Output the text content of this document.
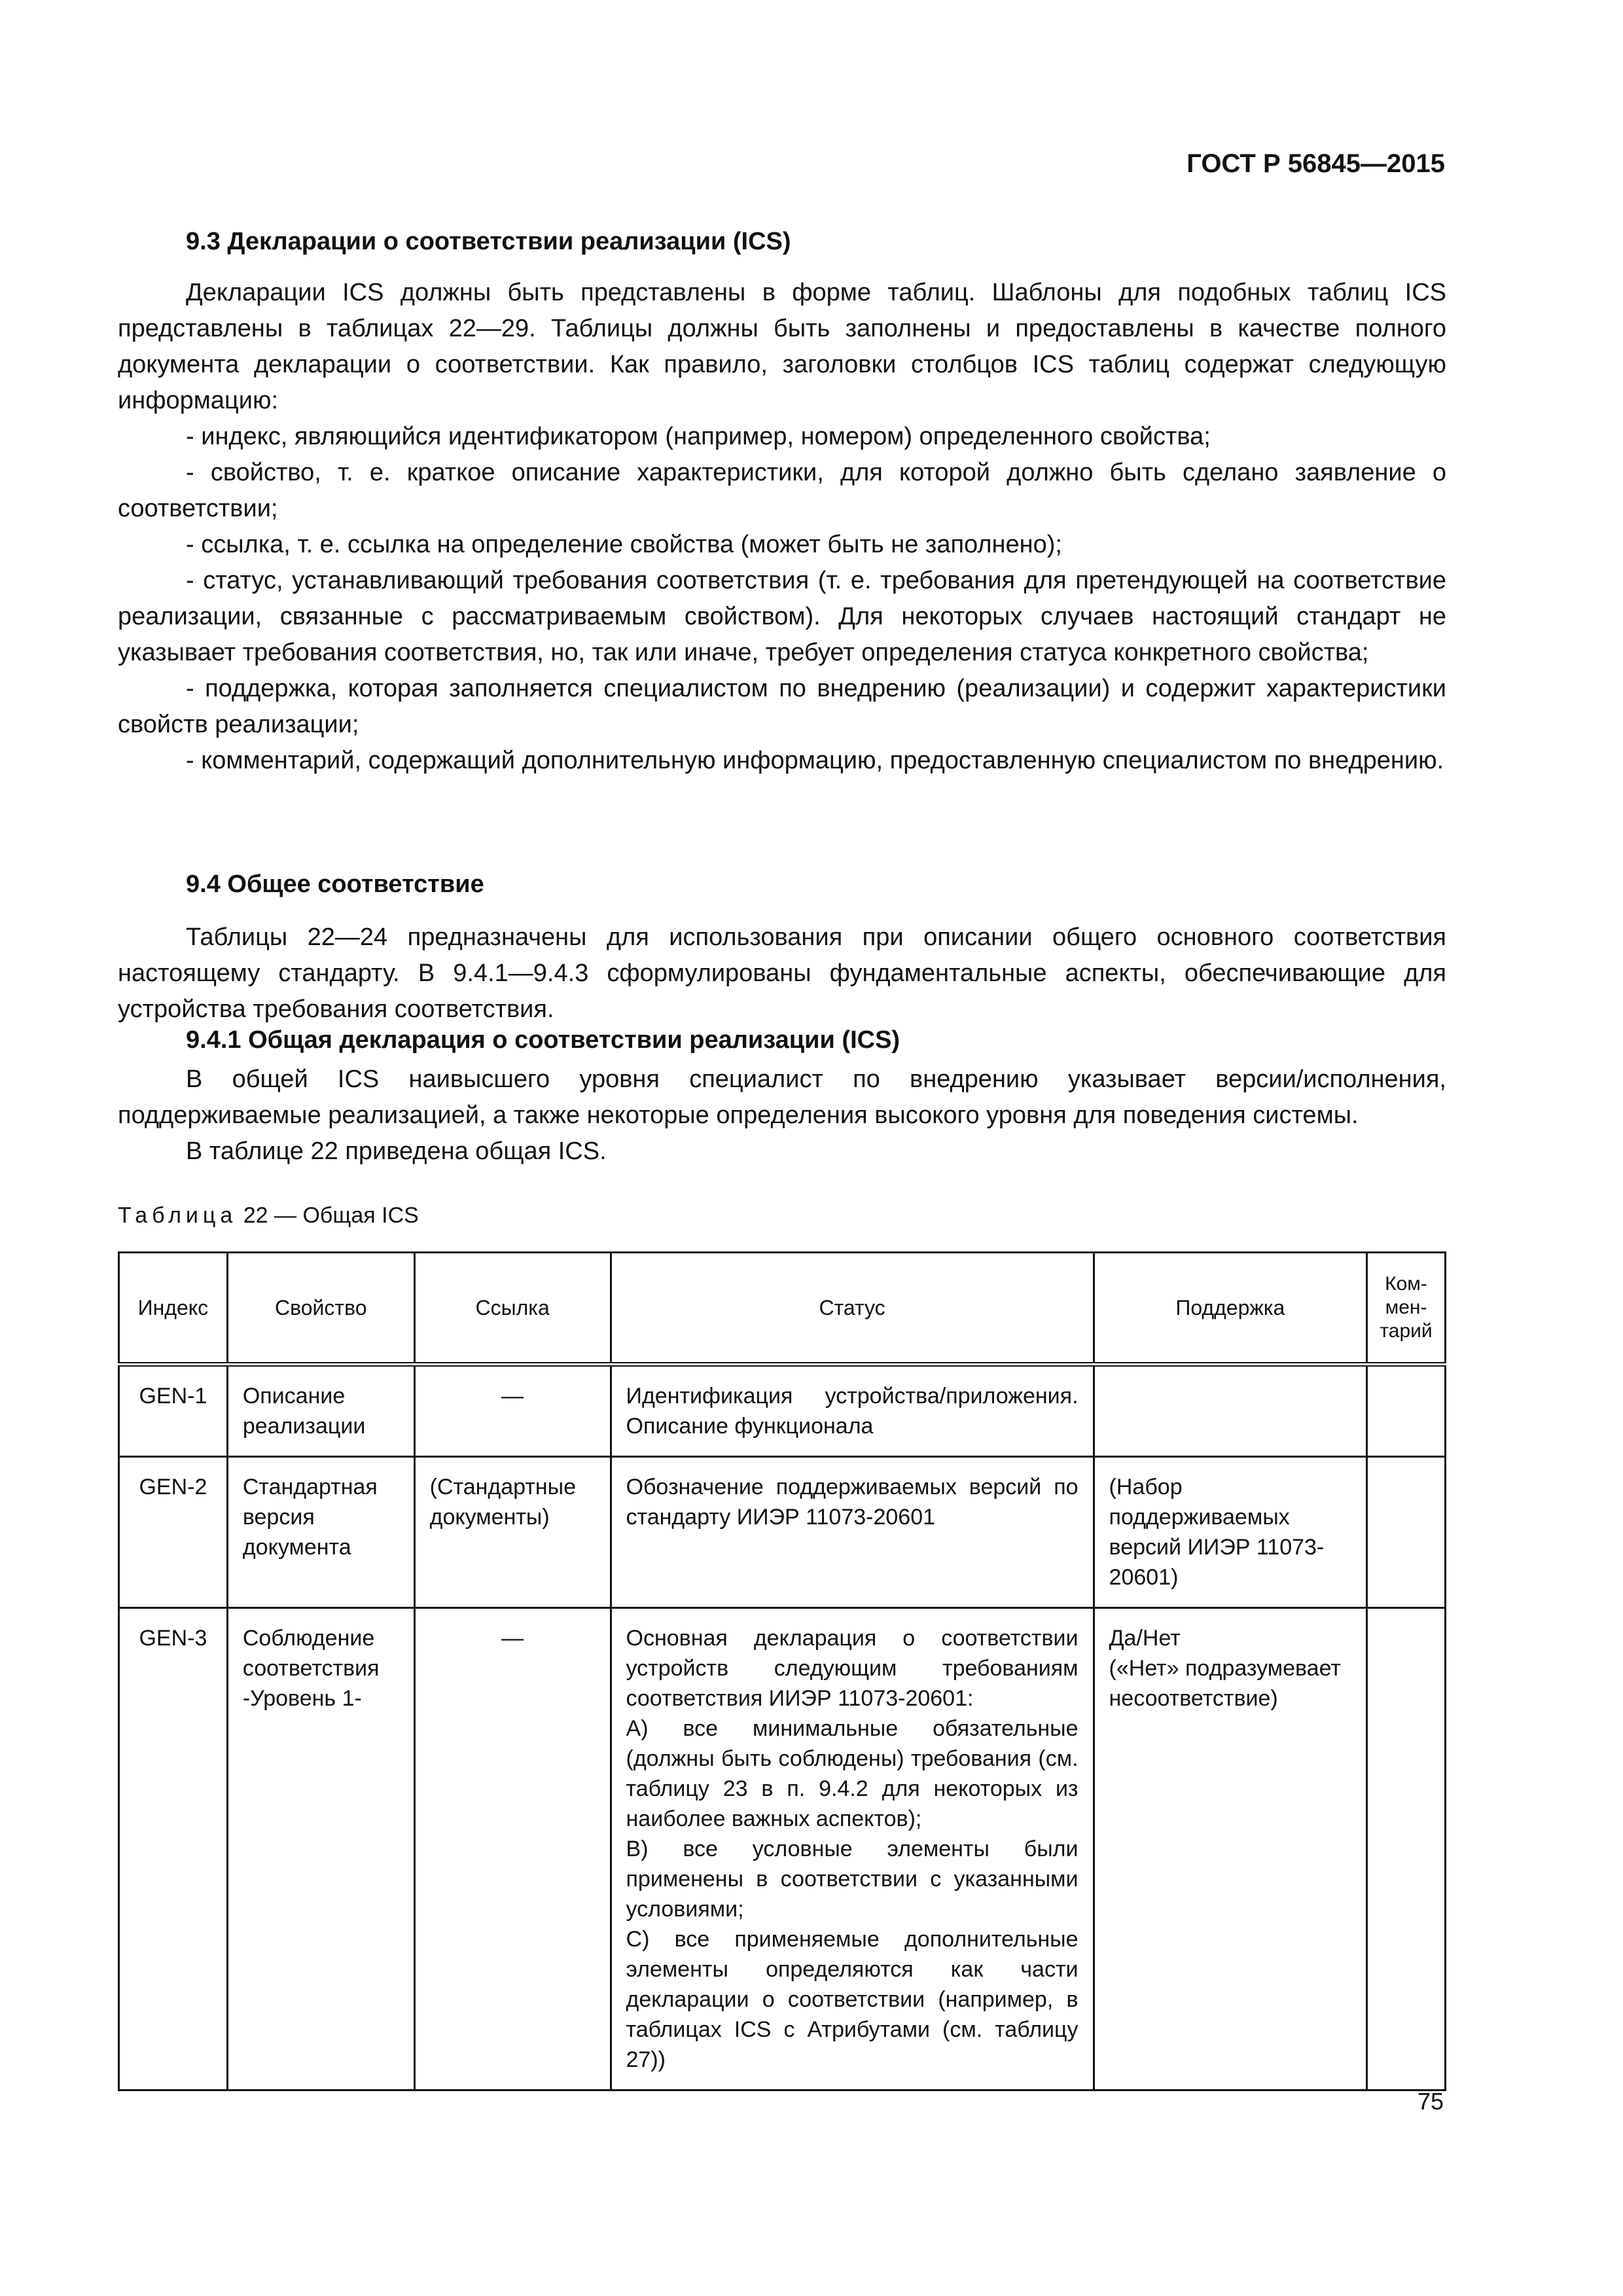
ГОСТ Р 56845—2015
9.3 Декларации о соответствии реализации (ICS)

Декларации ICS должны быть представлены в форме таблиц. Шаблоны для подобных таблиц ICS представлены в таблицах 22—29. Таблицы должны быть заполнены и предоставлены в качестве полного документа декларации о соответствии. Как правило, заголовки столбцов ICS таблиц содержат следующую информацию:

- индекс, являющийся идентификатором (например, номером) определенного свойства;

- свойство, т. е. краткое описание характеристики, для которой должно быть сделано заявление о соответствии;

- ссылка, т. е. ссылка на определение свойства (может быть не заполнено);

- статус, устанавливающий требования соответствия (т. е. требования для претендующей на соответствие реализации, связанные с рассматриваемым свойством). Для некоторых случаев настоящий стандарт не указывает требования соответствия, но, так или иначе, требует определения статуса конкретного свойства;

- поддержка, которая заполняется специалистом по внедрению (реализации) и содержит характеристики свойств реализации;

- комментарий, содержащий дополнительную информацию, предоставленную специалистом по внедрению.

9.4 Общее соответствие

Таблицы 22—24 предназначены для использования при описании общего основного соответствия настоящему стандарту. В 9.4.1—9.4.3 сформулированы фундаментальные аспекты, обеспечивающие для устройства требования соответствия.

9.4.1 Общая декларация о соответствии реализации (ICS)

В общей ICS наивысшего уровня специалист по внедрению указывает версии/исполнения, поддерживаемые реализацией, а также некоторые определения высокого уровня для поведения системы.

В таблице 22 приведена общая ICS.

Таблица 22 — Общая ICS
Индекс	Свойство	Ссылка	Статус	Поддержка	Ком-
мен-
тарий

GEN-1	Описание реализации	—	Идентификация устройства/приложения. Описание функционала		
GEN-2	Стандартная версия документа	(Стандартные документы)	Обозначение поддерживаемых версий по стандарту ИИЭР 11073-20601	(Набор поддерживаемых версий ИИЭР 11073-20601)	
GEN-3	Соблюдение соответствия -Уровень 1-	—	Основная декларация о соответствии устройств следующим требованиям соответствия ИИЭР 11073-20601:
A) все минимальные обязательные (должны быть соблюдены) требования (см. таблицу 23 в п. 9.4.2 для некоторых из наиболее важных аспектов);
B) все условные элементы были применены в соответствии с указанными условиями;
C) все применяемые дополнительные элементы определяются как части декларации о соответствии (например, в таблицах ICS с Атрибутами (см. таблицу 27))	Да/Нет
(«Нет» подразумевает несоответствие)	

75
